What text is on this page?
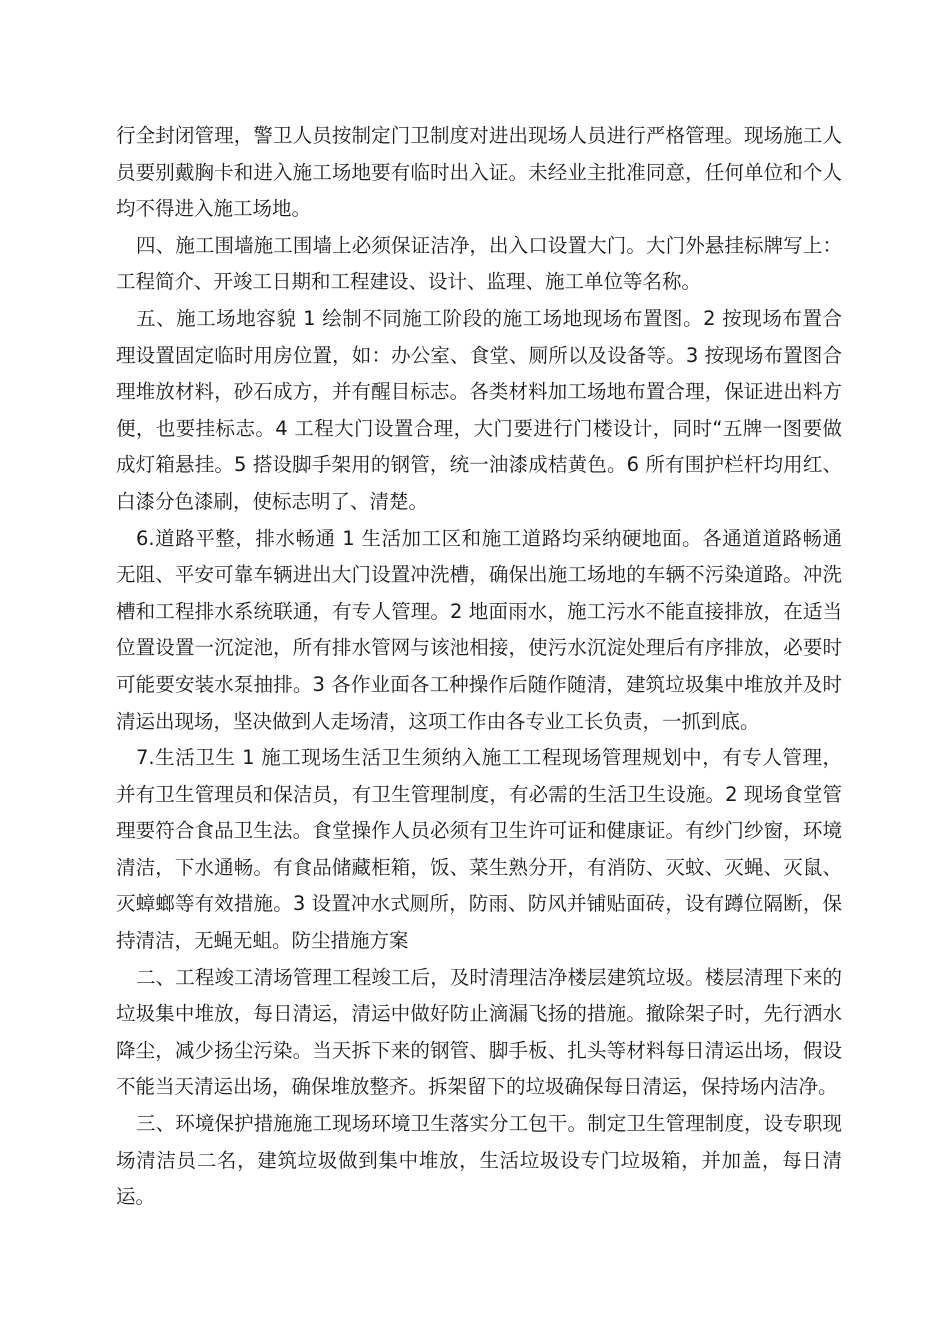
行全封闭管理，警卫人员按制定门卫制度对进出现场人员进行严格管理。现场施工人员要别戴胸卡和进入施工场地要有临时出入证。未经业主批准同意，任何单位和个人均不得进入施工场地。

四、施工围墙施工围墙上必须保证洁净，出入口设置大门。大门外悬挂标牌写上：工程简介、开竣工日期和工程建设、设计、监理、施工单位等名称。

五、施工场地容貌 1 绘制不同施工阶段的施工场地现场布置图。2 按现场布置合理设置固定临时用房位置，如：办公室、食堂、厕所以及设备等。3 按现场布置图合理堆放材料，砂石成方，并有醒目标志。各类材料加工场地布置合理，保证进出料方便，也要挂标志。4 工程大门设置合理，大门要进行门楼设计，同时“五牌一图要做成灯箱悬挂。5 搭设脚手架用的钢管，统一油漆成桔黄色。6 所有围护栏杆均用红、白漆分色漆刷，使标志明了、清楚。

6.道路平整，排水畅通 1 生活加工区和施工道路均采纳硬地面。各通道道路畅通无阻、平安可靠车辆进出大门设置冲洗槽，确保出施工场地的车辆不污染道路。冲洗槽和工程排水系统联通，有专人管理。2 地面雨水，施工污水不能直接排放，在适当位置设置一沉淀池，所有排水管网与该池相接，使污水沉淀处理后有序排放，必要时可能要安装水泵抽排。3 各作业面各工种操作后随作随清，建筑垃圾集中堆放并及时清运出现场，坚决做到人走场清，这项工作由各专业工长负责，一抓到底。

7.生活卫生 1 施工现场生活卫生须纳入施工工程现场管理规划中，有专人管理，并有卫生管理员和保洁员，有卫生管理制度，有必需的生活卫生设施。2 现场食堂管理要符合食品卫生法。食堂操作人员必须有卫生许可证和健康证。有纱门纱窗，环境清洁，下水通畅。有食品储藏柜箱，饭、菜生熟分开，有消防、灭蚊、灭蝇、灭鼠、灭蟑螂等有效措施。3 设置冲水式厕所，防雨、防风并铺贴面砖，设有蹲位隔断，保持清洁，无蝇无蛆。防尘措施方案

二、工程竣工清场管理工程竣工后，及时清理洁净楼层建筑垃圾。楼层清理下来的垃圾集中堆放，每日清运，清运中做好防止滴漏飞扬的措施。撤除架子时，先行洒水降尘，减少扬尘污染。当天拆下来的钢管、脚手板、扎头等材料每日清运出场，假设不能当天清运出场，确保堆放整齐。拆架留下的垃圾确保每日清运，保持场内洁净。

三、环境保护措施施工现场环境卫生落实分工包干。制定卫生管理制度，设专职现场清洁员二名，建筑垃圾做到集中堆放，生活垃圾设专门垃圾箱，并加盖，每日清运。
